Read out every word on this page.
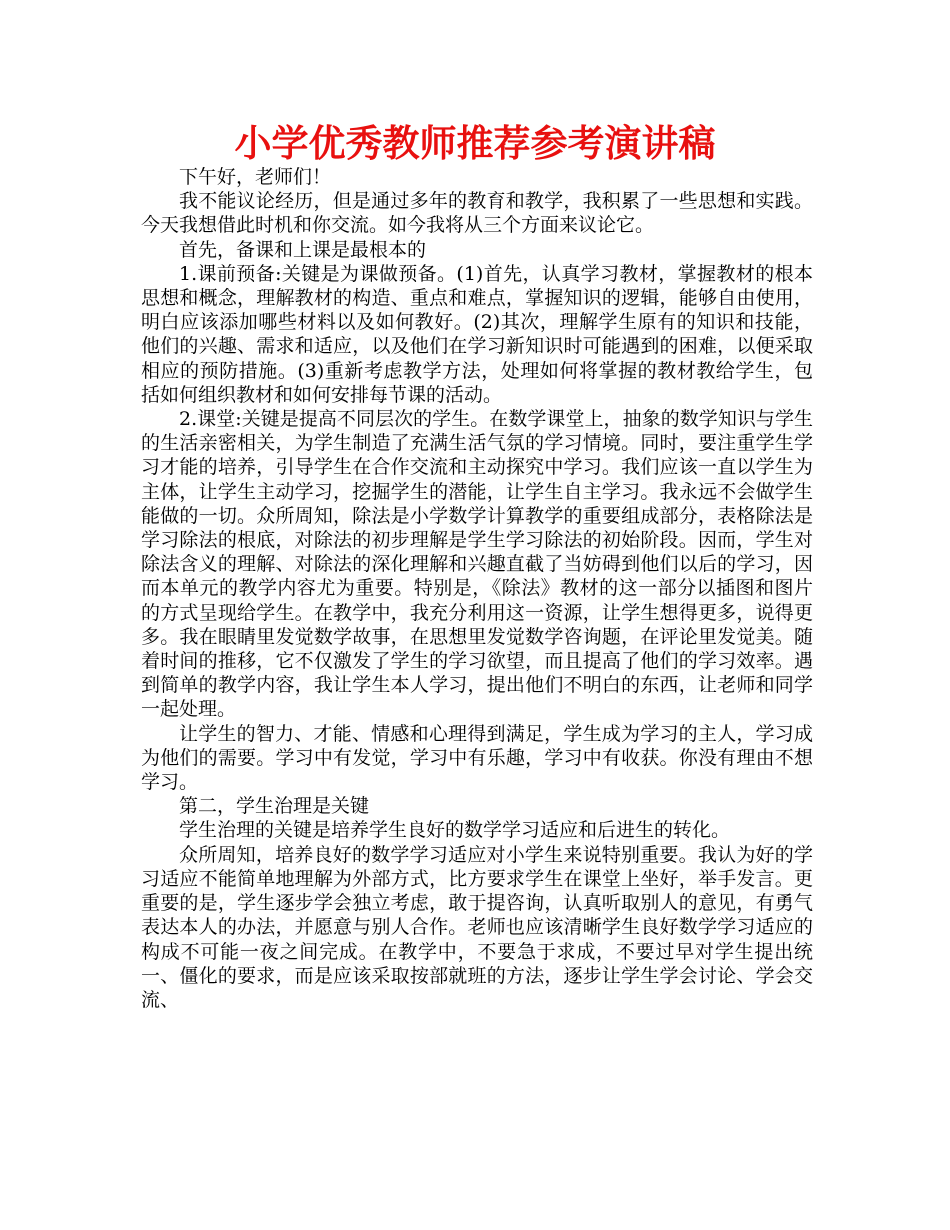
小学优秀教师推荐参考演讲稿

下午好，老师们！

我不能议论经历，但是通过多年的教育和教学，我积累了一些思想和实践。今天我想借此时机和你交流。如今我将从三个方面来议论它。

首先，备课和上课是最根本的

1.课前预备:关键是为课做预备。(1)首先，认真学习教材，掌握教材的根本思想和概念，理解教材的构造、重点和难点，掌握知识的逻辑，能够自由使用，明白应该添加哪些材料以及如何教好。(2)其次，理解学生原有的知识和技能，他们的兴趣、需求和适应，以及他们在学习新知识时可能遇到的困难，以便采取相应的预防措施。(3)重新考虑教学方法，处理如何将掌握的教材教给学生，包括如何组织教材和如何安排每节课的活动。

2.课堂:关键是提高不同层次的学生。在数学课堂上，抽象的数学知识与学生的生活亲密相关，为学生制造了充满生活气氛的学习情境。同时，要注重学生学习才能的培养，引导学生在合作交流和主动探究中学习。我们应该一直以学生为主体，让学生主动学习，挖掘学生的潜能，让学生自主学习。我永远不会做学生能做的一切。众所周知，除法是小学数学计算教学的重要组成部分，表格除法是学习除法的根底，对除法的初步理解是学生学习除法的初始阶段。因而，学生对除法含义的理解、对除法的深化理解和兴趣直截了当妨碍到他们以后的学习，因而本单元的教学内容尤为重要。特别是，《除法》教材的这一部分以插图和图片的方式呈现给学生。在教学中，我充分利用这一资源，让学生想得更多，说得更多。我在眼睛里发觉数学故事，在思想里发觉数学咨询题，在评论里发觉美。随着时间的推移，它不仅激发了学生的学习欲望，而且提高了他们的学习效率。遇到简单的教学内容，我让学生本人学习，提出他们不明白的东西，让老师和同学一起处理。

让学生的智力、才能、情感和心理得到满足，学生成为学习的主人，学习成为他们的需要。学习中有发觉，学习中有乐趣，学习中有收获。你没有理由不想学习。

第二，学生治理是关键

学生治理的关键是培养学生良好的数学学习适应和后进生的转化。

众所周知，培养良好的数学学习适应对小学生来说特别重要。我认为好的学习适应不能简单地理解为外部方式，比方要求学生在课堂上坐好，举手发言。更重要的是，学生逐步学会独立考虑，敢于提咨询，认真听取别人的意见，有勇气表达本人的办法，并愿意与别人合作。老师也应该清晰学生良好数学学习适应的构成不可能一夜之间完成。在教学中，不要急于求成，不要过早对学生提出统一、僵化的要求，而是应该采取按部就班的方法，逐步让学生学会讨论、学会交流、
